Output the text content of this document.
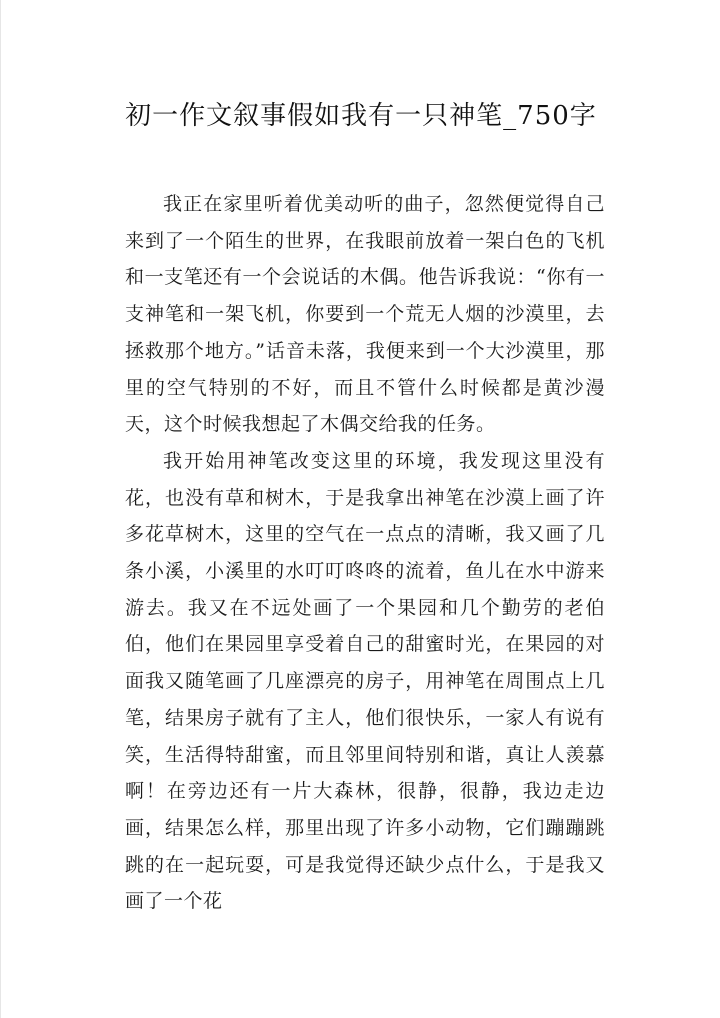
初一作文叙事假如我有一只神笔_750字

我正在家里听着优美动听的曲子，忽然便觉得自己来到了一个陌生的世界，在我眼前放着一架白色的飞机和一支笔还有一个会说话的木偶。他告诉我说：“你有一支神笔和一架飞机，你要到一个荒无人烟的沙漠里，去拯救那个地方。”话音未落，我便来到一个大沙漠里，那里的空气特别的不好，而且不管什么时候都是黄沙漫天，这个时候我想起了木偶交给我的任务。

我开始用神笔改变这里的环境，我发现这里没有花，也没有草和树木，于是我拿出神笔在沙漠上画了许多花草树木，这里的空气在一点点的清晰，我又画了几条小溪，小溪里的水叮叮咚咚的流着，鱼儿在水中游来游去。我又在不远处画了一个果园和几个勤劳的老伯伯，他们在果园里享受着自己的甜蜜时光，在果园的对面我又随笔画了几座漂亮的房子，用神笔在周围点上几笔，结果房子就有了主人，他们很快乐，一家人有说有笑，生活得特甜蜜，而且邻里间特别和谐，真让人羡慕啊！在旁边还有一片大森林，很静，很静，我边走边画，结果怎么样，那里出现了许多小动物，它们蹦蹦跳跳的在一起玩耍，可是我觉得还缺少点什么，于是我又画了一个花
